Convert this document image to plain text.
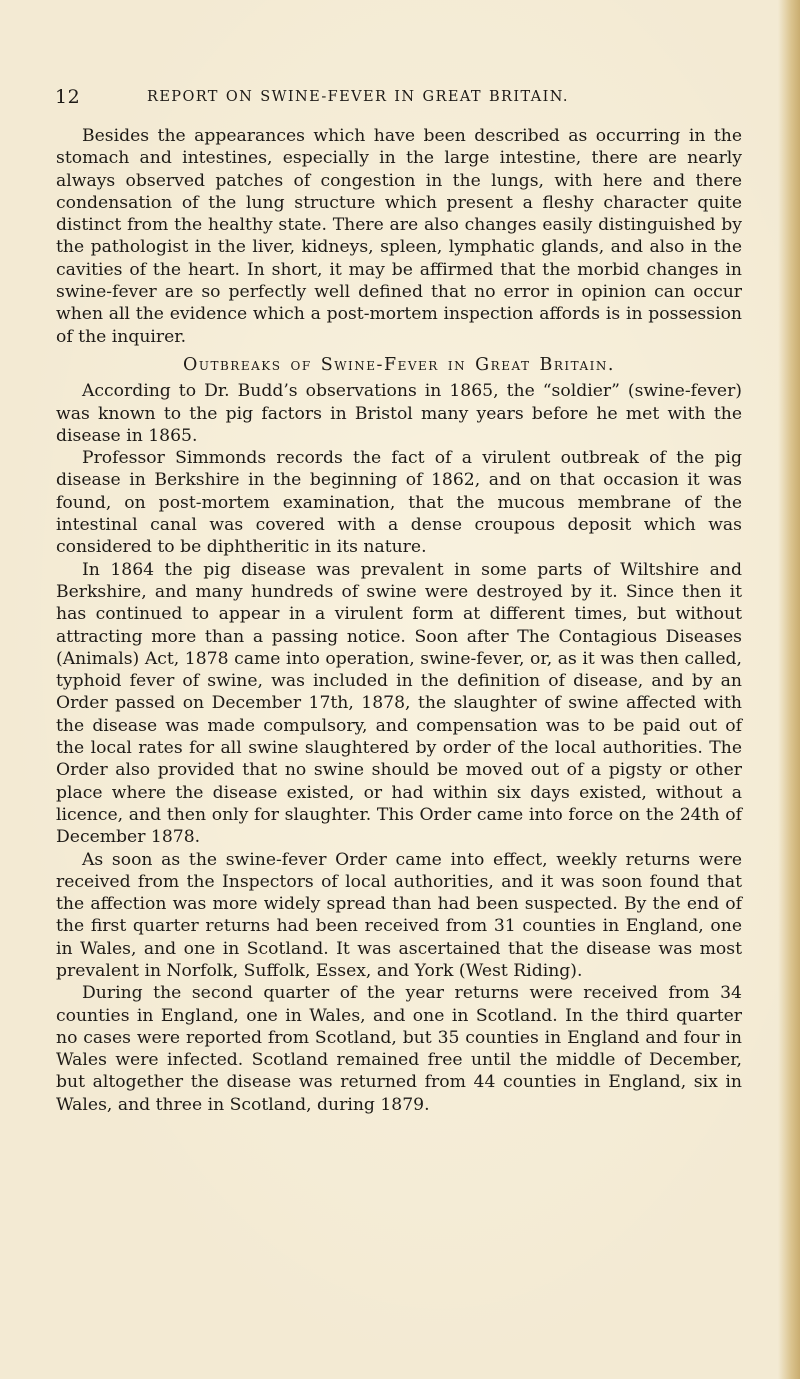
12	REPORT ON SWINE-FEVER IN GREAT BRITAIN.

Besides the appearances which have been described as occurring in the stomach and intestines, especially in the large intestine, there are nearly always observed patches of congestion in the lungs, with here and there condensation of the lung structure which present a fleshy character quite distinct from the healthy state. There are also changes easily distinguished by the pathologist in the liver, kidneys, spleen, lymphatic glands, and also in the cavities of the heart. In short, it may be affirmed that the morbid changes in swine-fever are so perfectly well defined that no error in opinion can occur when all the evidence which a post-mortem inspection affords is in possession of the inquirer.

Outbreaks of Swine-Fever in Great Britain.

According to Dr. Budd’s observations in 1865, the “soldier” (swine-fever) was known to the pig factors in Bristol many years before he met with the disease in 1865.

Professor Simmonds records the fact of a virulent outbreak of the pig disease in Berkshire in the beginning of 1862, and on that occasion it was found, on post-mortem examination, that the mucous membrane of the intestinal canal was covered with a dense croupous deposit which was considered to be diphtheritic in its nature.

In 1864 the pig disease was prevalent in some parts of Wiltshire and Berkshire, and many hundreds of swine were destroyed by it. Since then it has continued to appear in a virulent form at different times, but without attracting more than a passing notice. Soon after The Contagious Diseases (Animals) Act, 1878 came into operation, swine-fever, or, as it was then called, typhoid fever of swine, was included in the definition of disease, and by an Order passed on December 17th, 1878, the slaughter of swine affected with the disease was made compulsory, and compensation was to be paid out of the local rates for all swine slaughtered by order of the local authorities. The Order also provided that no swine should be moved out of a pigsty or other place where the disease existed, or had within six days existed, without a licence, and then only for slaughter. This Order came into force on the 24th of December 1878.

As soon as the swine-fever Order came into effect, weekly returns were received from the Inspectors of local authorities, and it was soon found that the affection was more widely spread than had been suspected. By the end of the first quarter returns had been received from 31 counties in England, one in Wales, and one in Scotland. It was ascertained that the disease was most prevalent in Norfolk, Suffolk, Essex, and York (West Riding).

During the second quarter of the year returns were received from 34 counties in England, one in Wales, and one in Scotland. In the third quarter no cases were reported from Scotland, but 35 counties in England and four in Wales were infected. Scotland remained free until the middle of December, but altogether the disease was returned from 44 counties in England, six in Wales, and three in Scotland, during 1879.
